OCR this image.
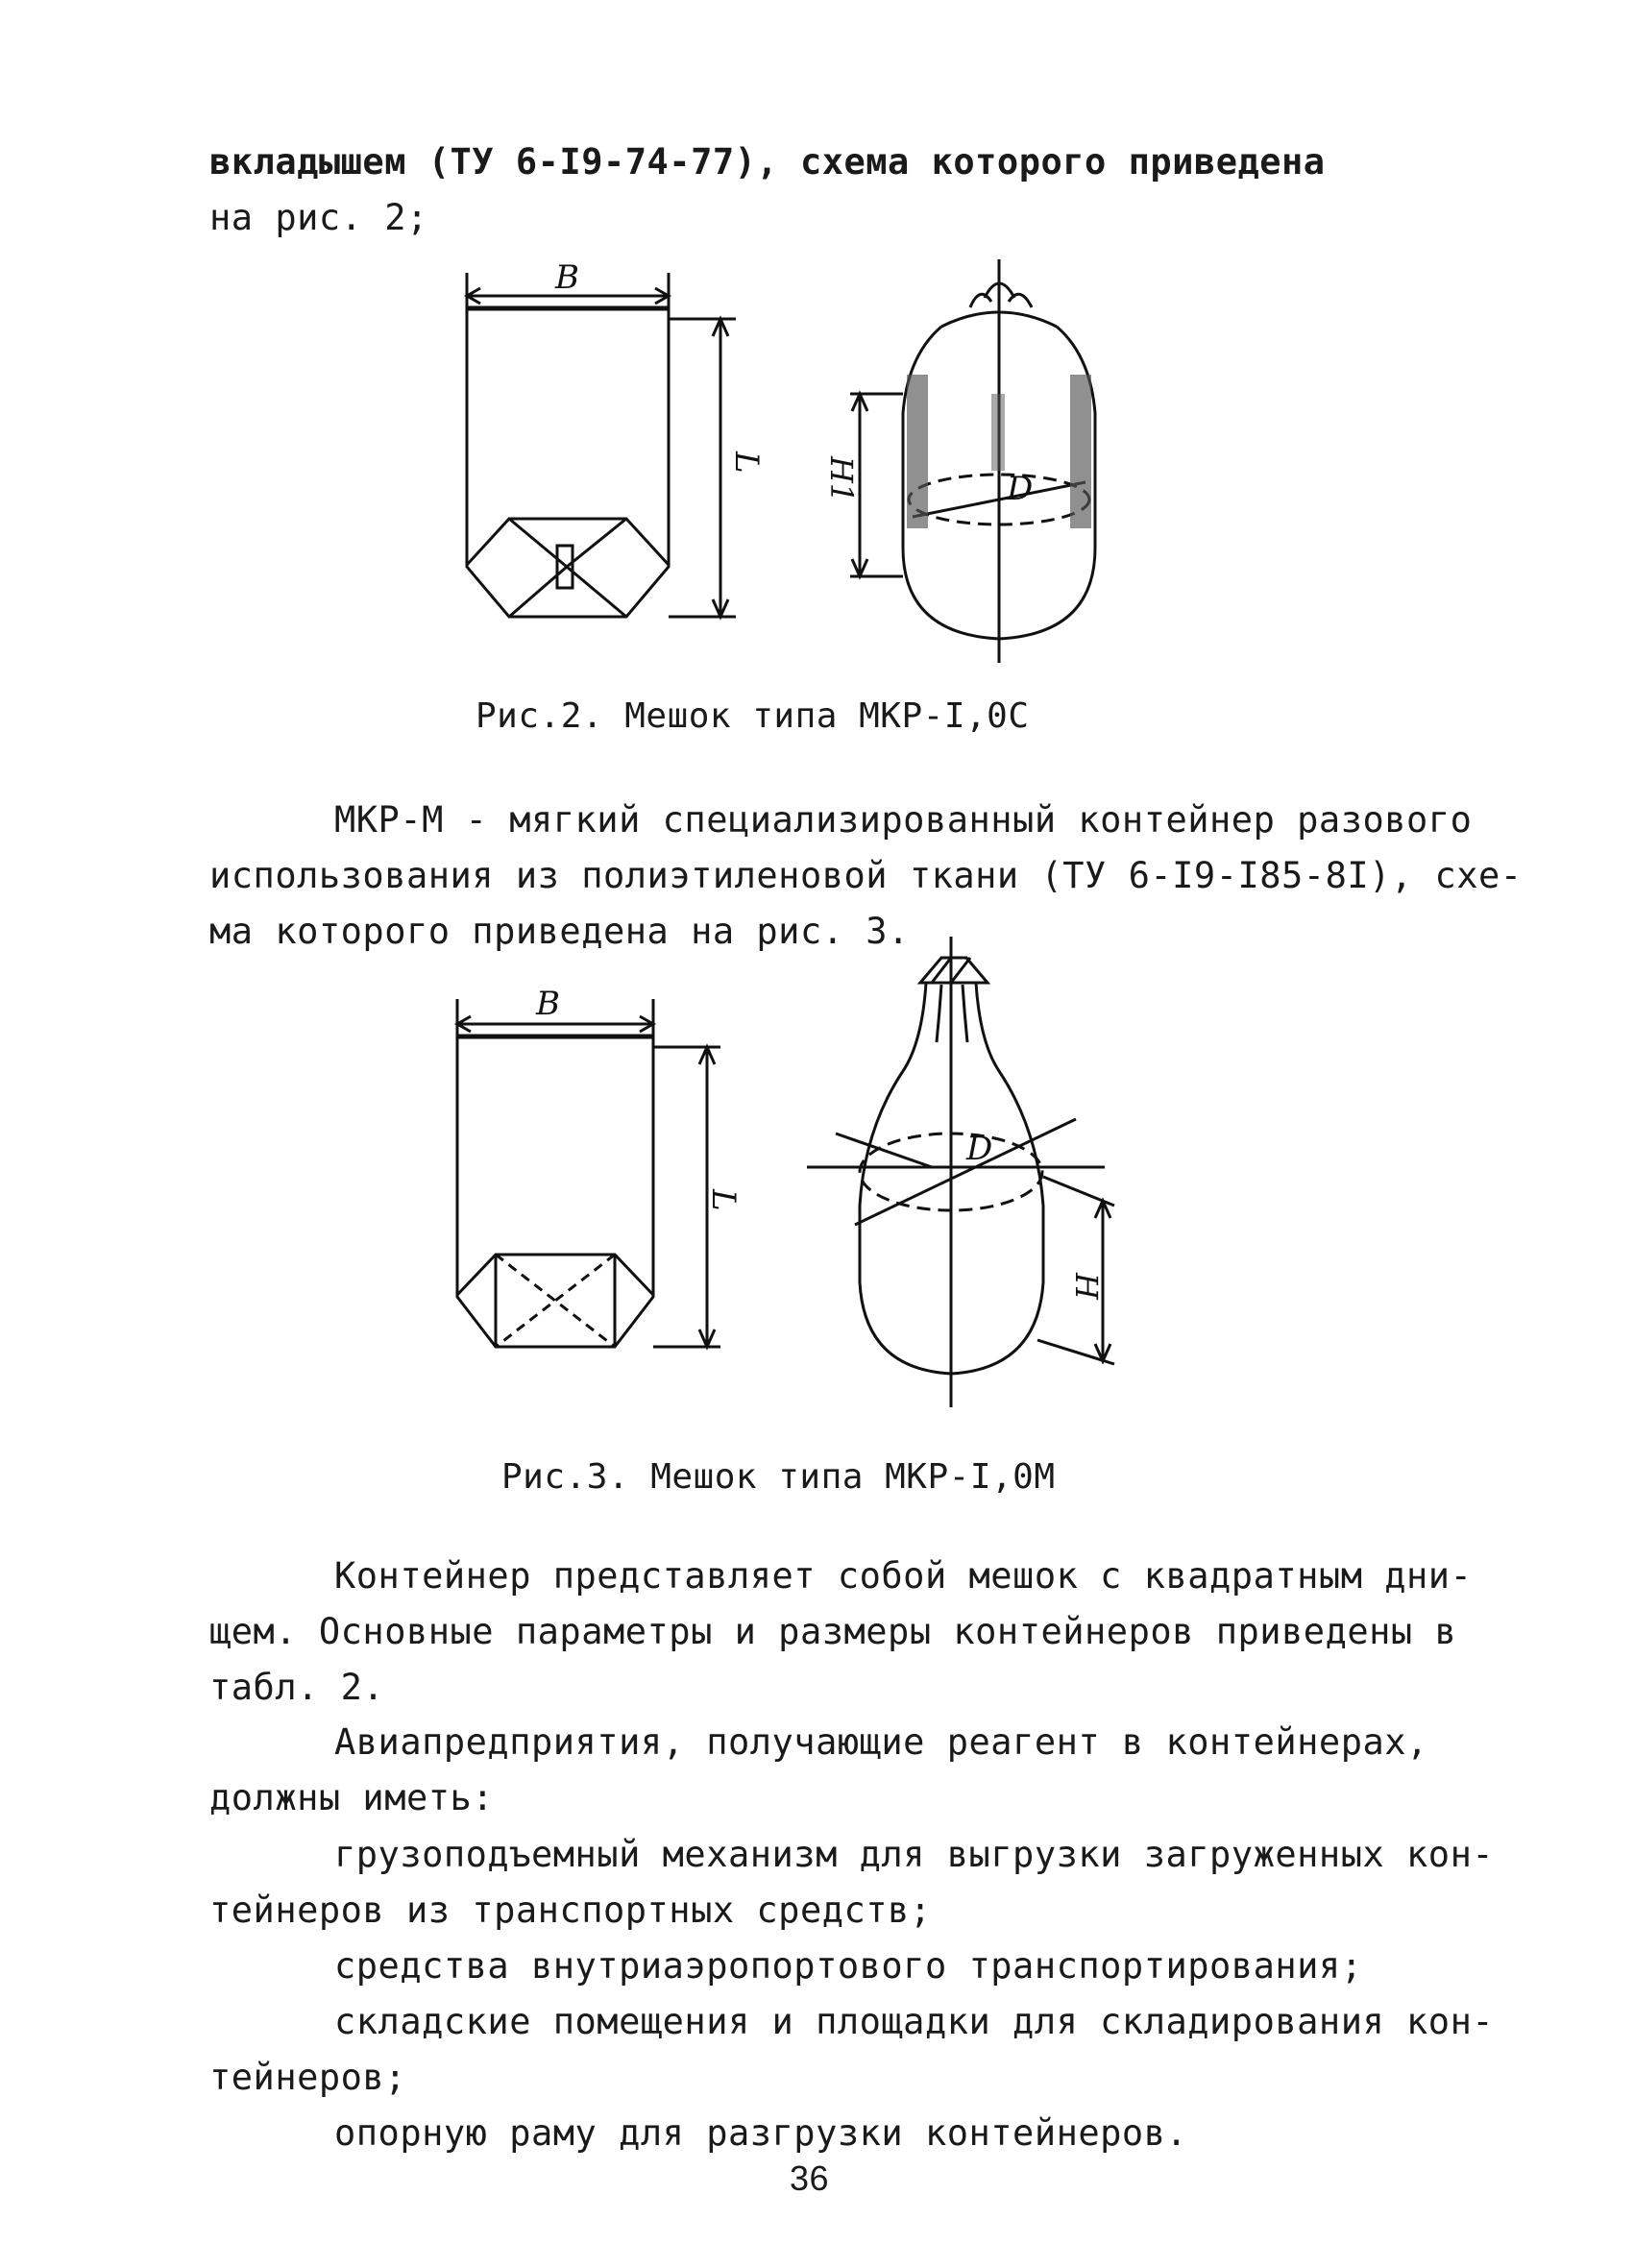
вкладышем (ТУ 6-I9-74-77), схема которого приведена
на рис. 2;
В
L
D
H1
Рис.2. Мешок типа МКР-I,0С
МКР-М - мягкий специализированный контейнер разового
использования из полиэтиленовой ткани (ТУ 6-I9-I85-8I), схе-
ма которого приведена на рис. 3.
В
L
D
H
Рис.3. Мешок типа МКР-I,0М
Контейнер представляет собой мешок с квадратным дни-
щем. Основные параметры и размеры контейнеров приведены в
табл. 2.
Авиапредприятия, получающие реагент в контейнерах,
должны иметь:
грузоподъемный механизм для выгрузки загруженных кон-
тейнеров из транспортных средств;
средства внутриаэропортового транспортирования;
складские помещения и площадки для складирования кон-
тейнеров;
опорную раму для разгрузки контейнеров.
36
